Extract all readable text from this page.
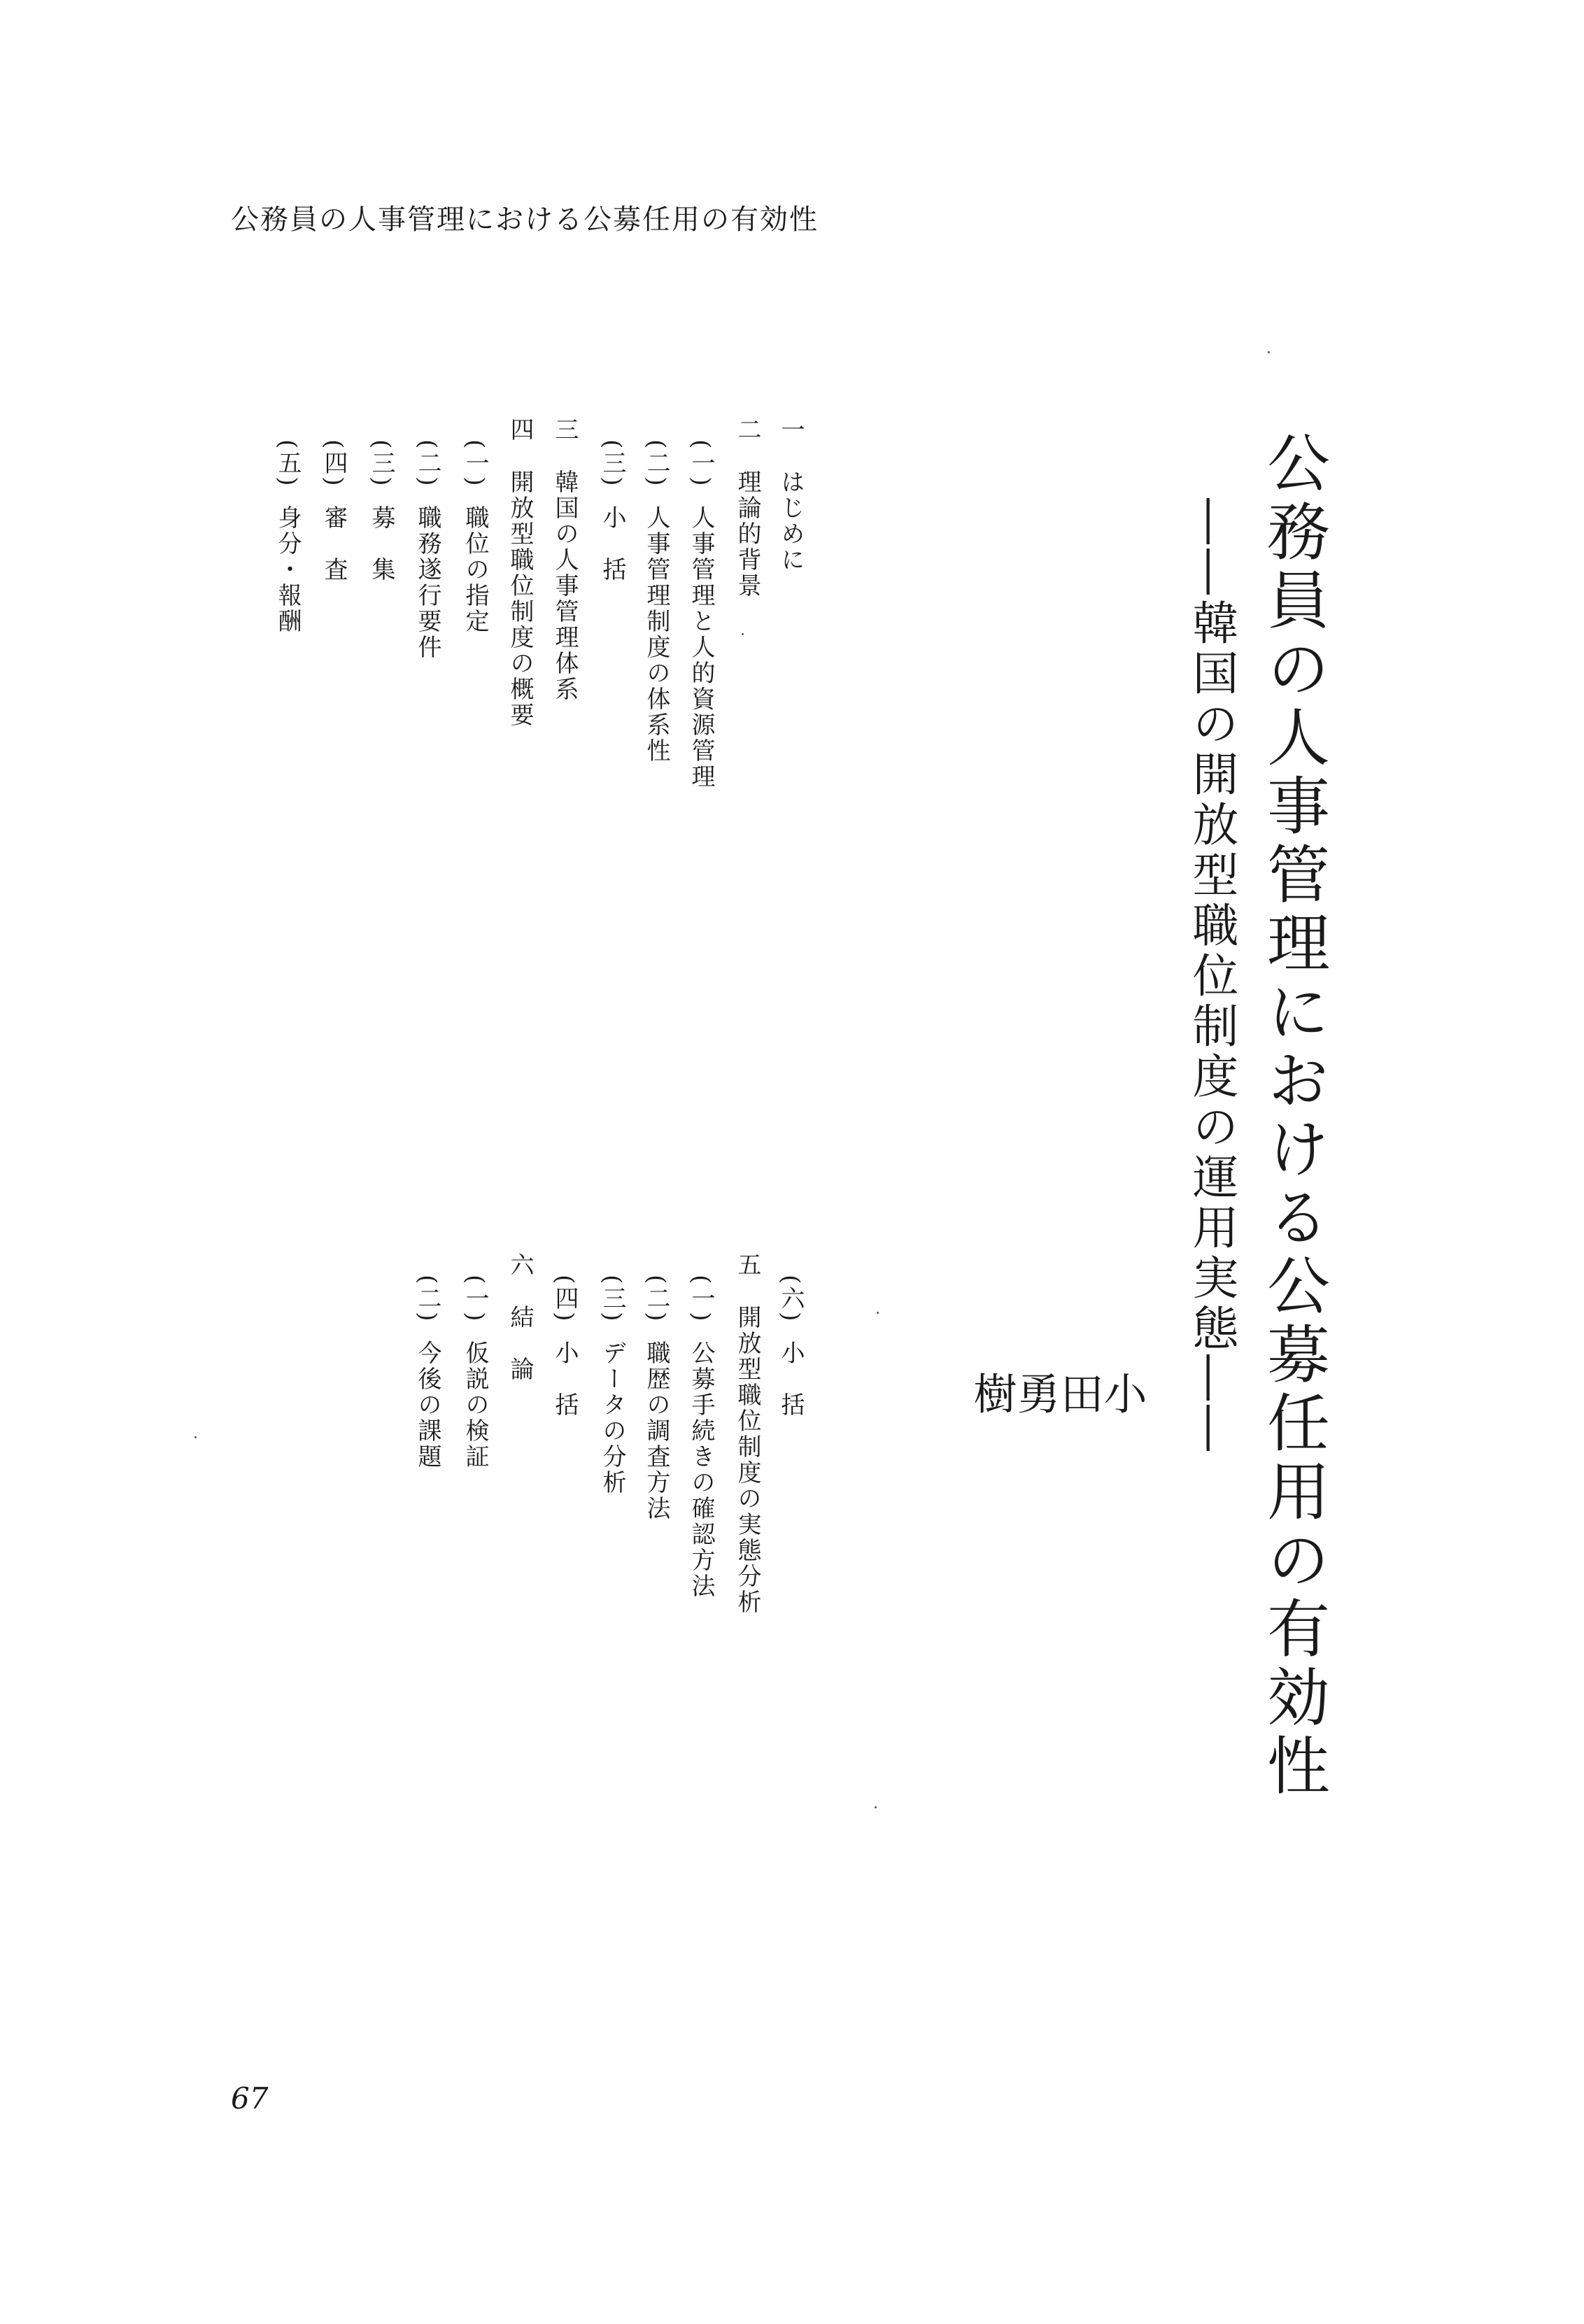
公務員の人事管理における公募任用の有効性
公務員の人事管理における公募任用の有効性
――韓国の開放型職位制度の運用実態――
小
田
勇
樹
一はじめに
二理論的背景
(一)人事管理と人的資源管理
(二)人事管理制度の体系性
(三)小　括
三韓国の人事管理体系
四開放型職位制度の概要
(一)職位の指定
(二)職務遂行要件
(三)募　集
(四)審　査
(五)身分・報酬
(六)小　括
五開放型職位制度の実態分析
(一)公募手続きの確認方法
(二)職歴の調査方法
(三)データの分析
(四)小　括
六結　論
(一)仮説の検証
(二)今後の課題
67
